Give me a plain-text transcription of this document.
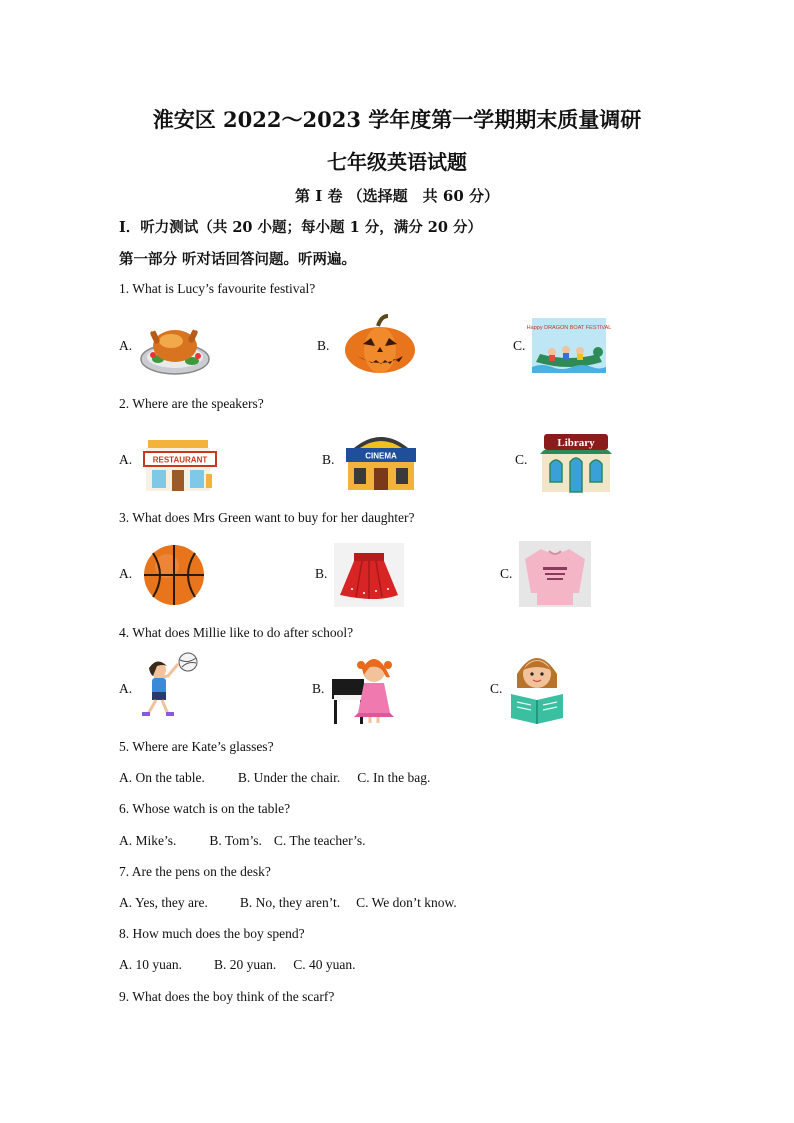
淮安区 2022～2023 学年度第一学期期末质量调研
七年级英语试题
第 I 卷 （选择题　共 60 分）
Ⅰ．听力测试（共 20 小题；每小题 1 分，满分 20 分）
第一部分 听对话回答问题。听两遍。
1. What is Lucy’s favourite festival?
A.	B.	C.
Happy DRAGON BOAT FESTIVAL
2. Where are the speakers?
A.	RESTAURANT	B.	CINEMA	C.
Library
3. What does Mrs Green want to buy for her daughter?
A.	B.	C.
4. What does Millie like to do after school?
A.	B.	C.
5. Where are Kate’s glasses?
A. On the table. B. Under the chair. C. In the bag.
6. Whose watch is on the table?
A. Mike’s. B. Tom’s. C. The teacher’s.
7. Are the pens on the desk?
A. Yes, they are. B. No, they aren’t. C. We don’t know.
8. How much does the boy spend?
A. 10 yuan. B. 20 yuan. C. 40 yuan.
9. What does the boy think of the scarf?
